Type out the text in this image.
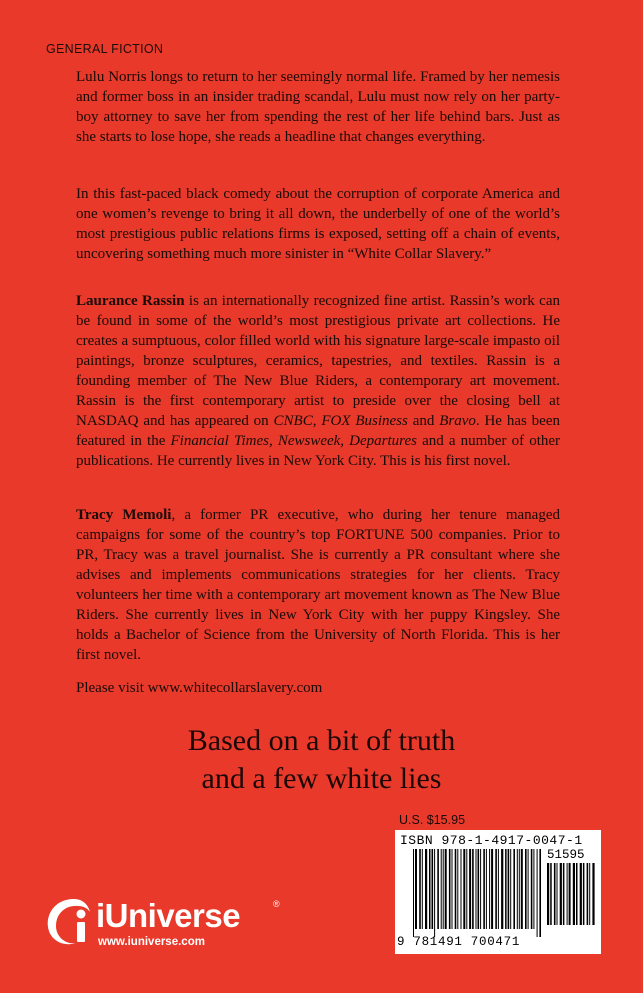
GENERAL FICTION

Lulu Norris longs to return to her seemingly normal life. Framed by her nemesis and former boss in an insider trading scandal, Lulu must now rely on her party-boy attorney to save her from spending the rest of her life behind bars. Just as she starts to lose hope, she reads a headline that changes everything.

In this fast-paced black comedy about the corruption of corporate America and one women’s revenge to bring it all down, the underbelly of one of the world’s most prestigious public relations firms is exposed, setting off a chain of events, uncovering something much more sinister in “White Collar Slavery.”

Laurance Rassin is an internationally recognized fine artist. Rassin’s work can be found in some of the world’s most prestigious private art collections. He creates a sumptuous, color filled world with his signature large-scale impasto oil paintings, bronze sculptures, ceramics, tapestries, and textiles. Rassin is a founding member of The New Blue Riders, a contemporary art movement. Rassin is the first contemporary artist to preside over the closing bell at NASDAQ and has appeared on CNBC, FOX Business and Bravo. He has been featured in the Financial Times, Newsweek, Departures and a number of other publications. He currently lives in New York City. This is his first novel.

Tracy Memoli, a former PR executive, who during her tenure managed campaigns for some of the country’s top FORTUNE 500 companies. Prior to PR, Tracy was a travel journalist. She is currently a PR consultant where she advises and implements communications strategies for her clients. Tracy volunteers her time with a contemporary art movement known as The New Blue Riders. She currently lives in New York City with her puppy Kingsley. She holds a Bachelor of Science from the University of North Florida. This is her first novel.

Please visit www.whitecollarslavery.com
Based on a bit of truth
and a few white lies
U.S. $15.95
ISBN 978-1-4917-0047-1
51595
9 781491 700471
iUniverse	®
www.iuniverse.com
